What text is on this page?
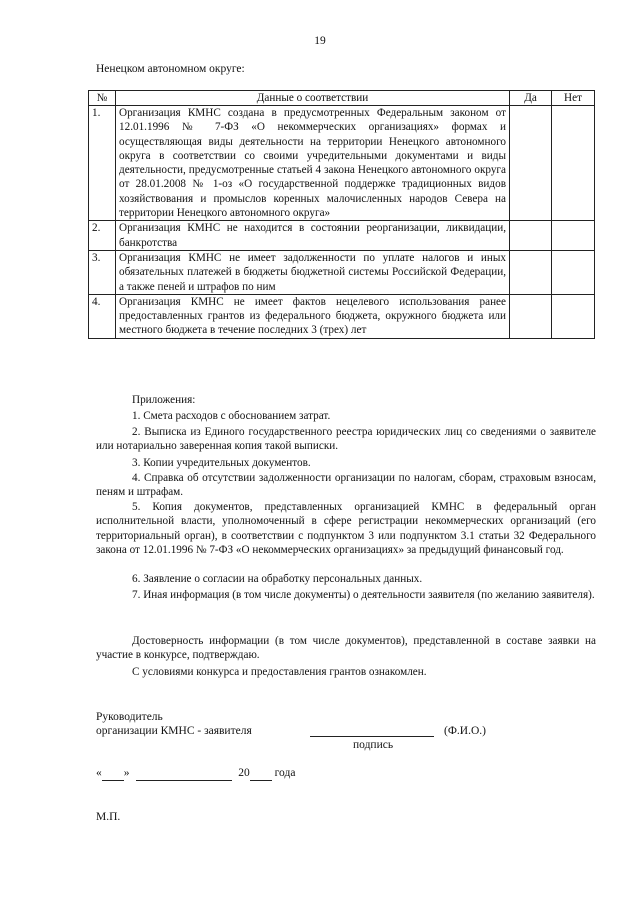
19
Ненецком автономном округе:
№	Данные о соответствии	Да	Нет
1.	Организация КМНС создана в предусмотренных Федеральным законом от 12.01.1996 № 7-ФЗ «О некоммерческих организациях» формах и осуществляющая виды деятельности на территории Ненецкого автономного округа в соответствии со своими учредительными документами и виды деятельности, предусмотренные статьей 4 закона Ненецкого автономного округа от 28.01.2008 № 1-оз «О государственной поддержке традиционных видов хозяйствования и промыслов коренных малочисленных народов Севера на территории Ненецкого автономного округа»		
2.	Организация КМНС не находится в состоянии реорганизации, ликвидации, банкротства		
3.	Организация КМНС не имеет задолженности по уплате налогов и иных обязательных платежей в бюджеты бюджетной системы Российской Федерации, а также пеней и штрафов по ним		
4.	Организация КМНС не имеет фактов нецелевого использования ранее предоставленных грантов из федерального бюджета, окружного бюджета или местного бюджета в течение последних 3 (трех) лет		
Приложения:
1. Смета расходов с обоснованием затрат.
2. Выписка из Единого государственного реестра юридических лиц со сведениями о заявителе или нотариально заверенная копия такой выписки.
3. Копии учредительных документов.
4. Справка об отсутствии задолженности организации по налогам, сборам, страховым взносам, пеням и штрафам.
5. Копия документов, представленных организацией КМНС в федеральный орган исполнительной власти, уполномоченный в сфере регистрации некоммерческих организаций (его территориальный орган), в соответствии с подпунктом 3 или подпунктом 3.1 статьи 32 Федерального закона от 12.01.1996 № 7-ФЗ «О некоммерческих организациях» за предыдущий финансовый год.
6. Заявление о согласии на обработку персональных данных.
7. Иная информация (в том числе документы) о деятельности заявителя (по желанию заявителя).
Достоверность информации (в том числе документов), представленной в составе заявки на участие в конкурсе, подтверждаю.
С условиями конкурса и предоставления грантов ознакомлен.
Руководитель
организации КМНС - заявителя	(Ф.И.О.)
подпись
« »	20 года
М.П.
